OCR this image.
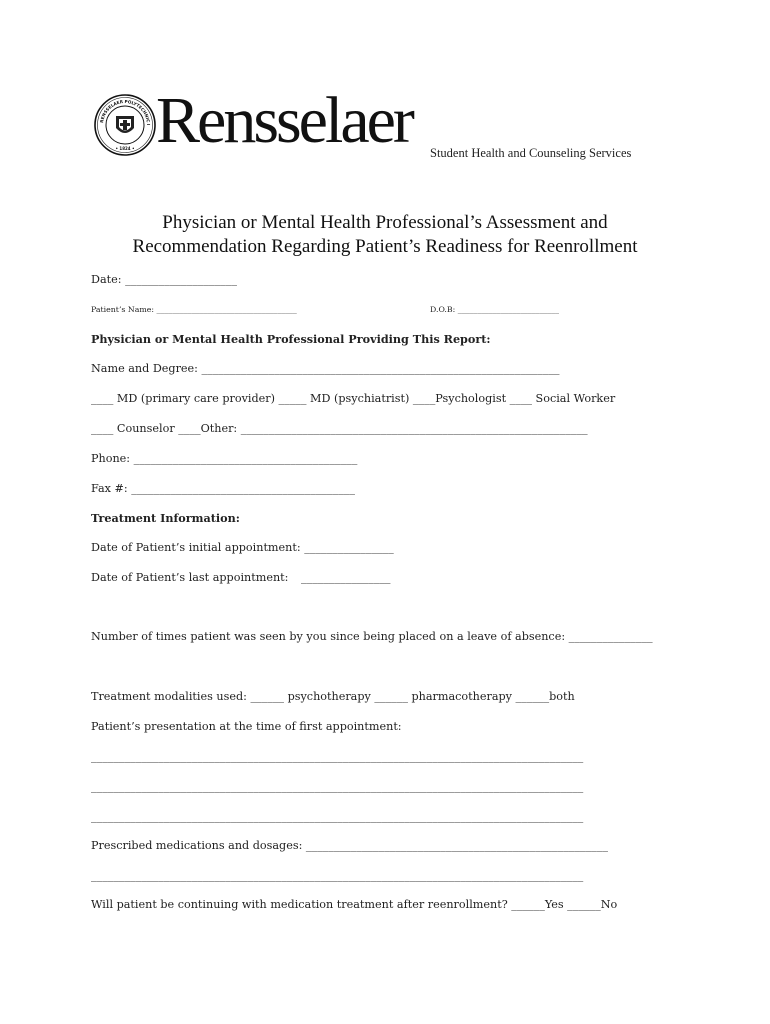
RENSSELAER POLYTECHNIC I
• 1824 • Rensselaer Student Health and Counseling Services
Physician or Mental Health Professional’s Assessment and
Recommendation Regarding Patient’s Readiness for Reenrollment
Date: ____________________
Patient’s Name: ____________________________________	D.O.B: __________________________
Physician or Mental Health Professional Providing This Report:
Name and Degree: ________________________________________________________________
____ MD (primary care provider) _____ MD (psychiatrist) ____Psychologist ____ Social Worker
____ Counselor ____Other: ______________________________________________________________
Phone: ________________________________________
Fax #: ________________________________________
Treatment Information:
Date of Patient’s initial appointment: ________________
Date of Patient’s last appointment: ________________
Number of times patient was seen by you since being placed on a leave of absence: _______________
Treatment modalities used: ______ psychotherapy ______ pharmacotherapy ______both
Patient’s presentation at the time of first appointment:
________________________________________________________________________________________
________________________________________________________________________________________
________________________________________________________________________________________
Prescribed medications and dosages: ______________________________________________________
________________________________________________________________________________________
Will patient be continuing with medication treatment after reenrollment? ______Yes ______No
